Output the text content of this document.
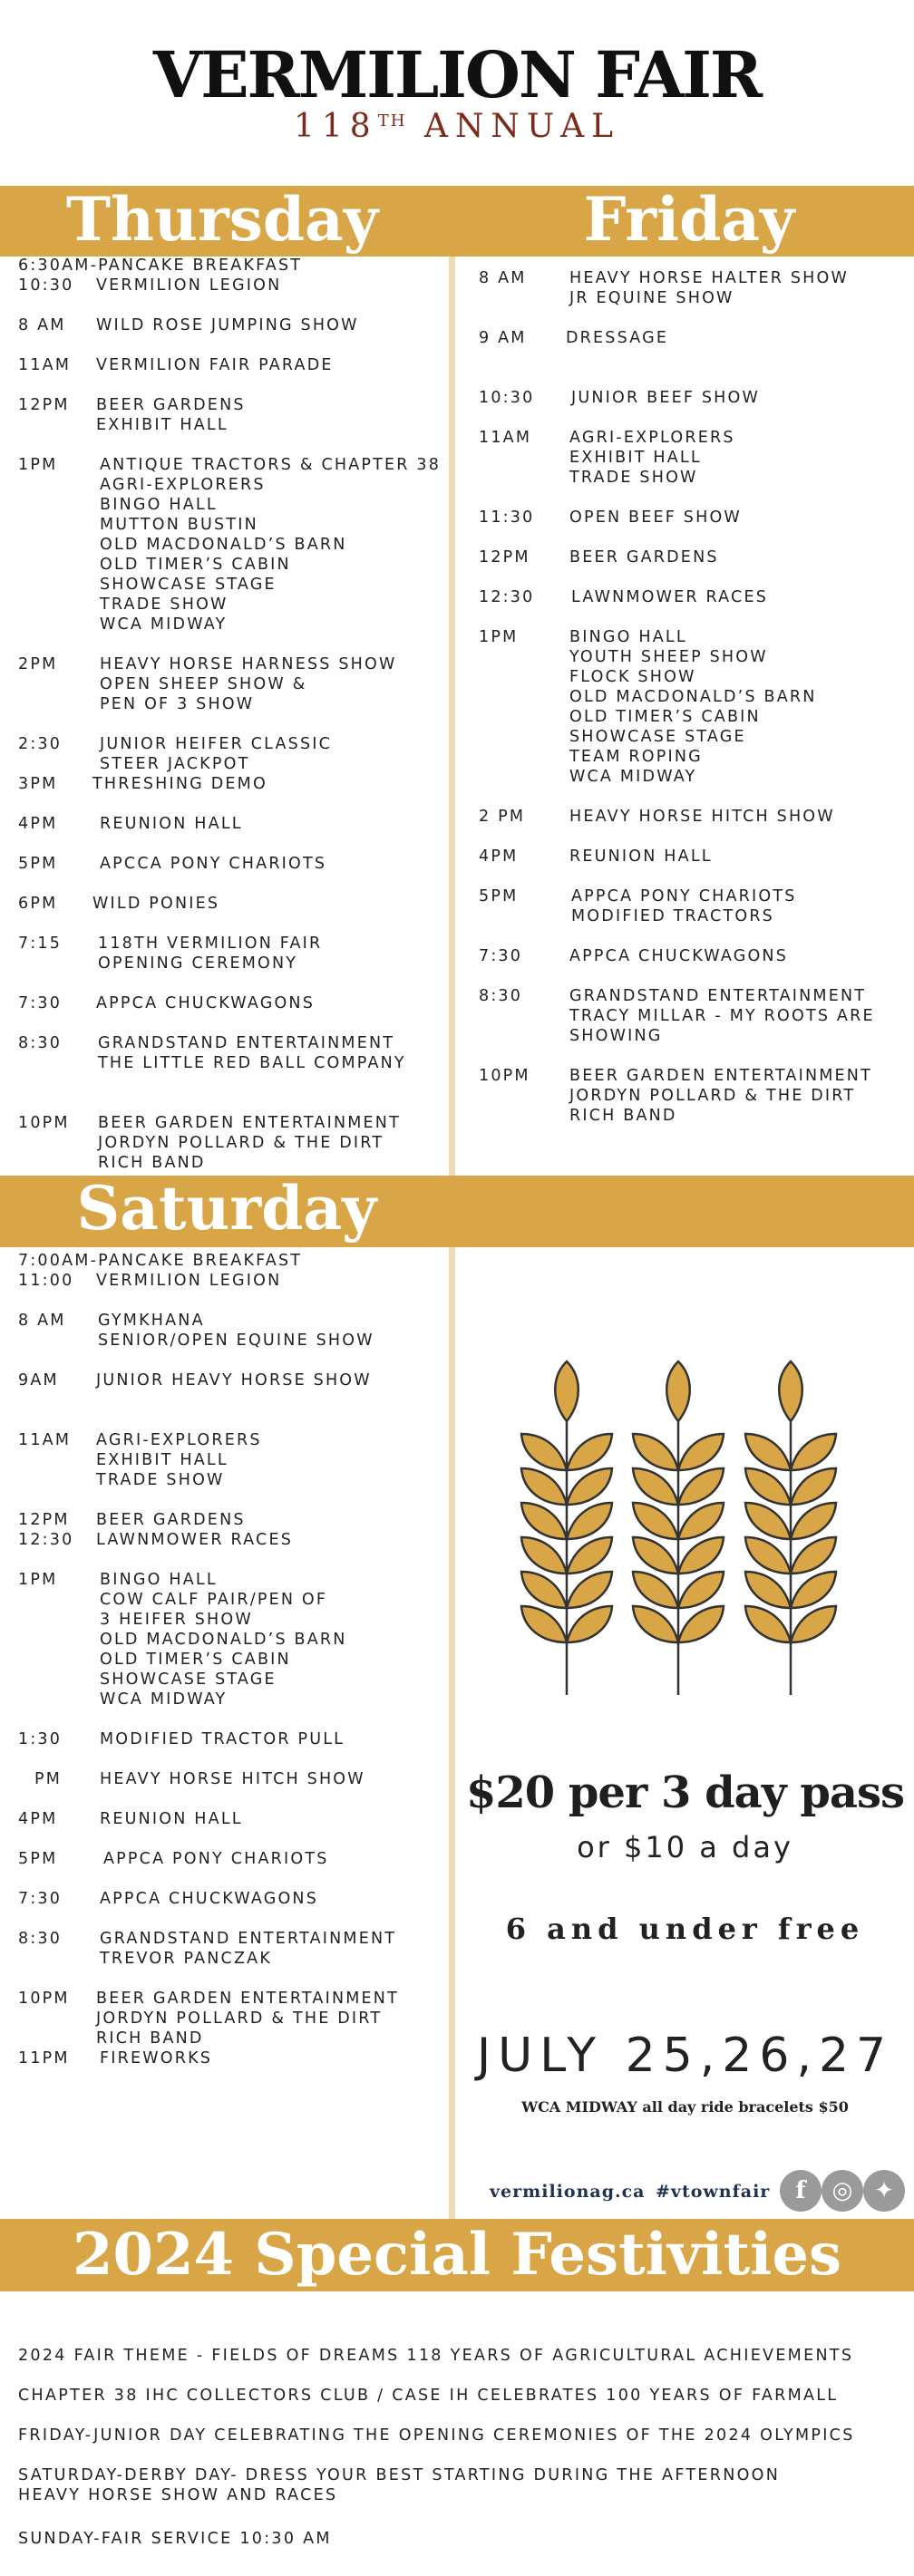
VERMILION FAIR
118TH ANNUAL
Thursday	Friday
Saturday
6:30AM-PANCAKE BREAKFAST
10:30 VERMILION LEGION
8 AM WILD ROSE JUMPING SHOW
11AM VERMILION FAIR PARADE
12PM BEER GARDENS
EXHIBIT HALL
1PM	ANTIQUE TRACTORS & CHAPTER 38
AGRI-EXPLORERS
BINGO HALL
MUTTON BUSTIN
OLD MACDONALD’S BARN
OLD TIMER’S CABIN
SHOWCASE STAGE
TRADE SHOW
WCA MIDWAY
2PM	HEAVY HORSE HARNESS SHOW
OPEN SHEEP SHOW &
PEN OF 3 SHOW
2:30 JUNIOR HEIFER CLASSIC
STEER JACKPOT
3PM THRESHING DEMO
4PM	REUNION HALL
5PM	APCCA PONY CHARIOTS
6PM WILD PONIES
7:15 118TH VERMILION FAIR
OPENING CEREMONY
7:30 APPCA CHUCKWAGONS
8:30 GRANDSTAND ENTERTAINMENT
THE LITTLE RED BALL COMPANY
10PM BEER GARDEN ENTERTAINMENT
JORDYN POLLARD & THE DIRT
RICH BAND
8 AM	HEAVY HORSE HALTER SHOW
JR EQUINE SHOW
9 AM DRESSAGE
10:30 JUNIOR BEEF SHOW
11AM AGRI-EXPLORERS
EXHIBIT HALL
TRADE SHOW
11:30 OPEN BEEF SHOW
12PM BEER GARDENS
12:30 LAWNMOWER RACES
1PM	BINGO HALL
YOUTH SHEEP SHOW
FLOCK SHOW
OLD MACDONALD’S BARN
OLD TIMER’S CABIN
SHOWCASE STAGE
TEAM ROPING
WCA MIDWAY
2 PM	HEAVY HORSE HITCH SHOW
4PM	REUNION HALL
5PM	APPCA PONY CHARIOTS
MODIFIED TRACTORS
7:30	APPCA CHUCKWAGONS
8:30	GRANDSTAND ENTERTAINMENT
TRACY MILLAR - MY ROOTS ARE
SHOWING
10PM BEER GARDEN ENTERTAINMENT
JORDYN POLLARD & THE DIRT
RICH BAND
7:00AM-PANCAKE BREAKFAST
11:00 VERMILION LEGION
8 AM GYMKHANA
SENIOR/OPEN EQUINE SHOW
9AM JUNIOR HEAVY HORSE SHOW
11AM AGRI-EXPLORERS
EXHIBIT HALL
TRADE SHOW
12PM BEER GARDENS
12:30 LAWNMOWER RACES
1PM	BINGO HALL
COW CALF PAIR/PEN OF
3 HEIFER SHOW
OLD MACDONALD’S BARN
OLD TIMER’S CABIN
SHOWCASE STAGE
WCA MIDWAY
1:30 MODIFIED TRACTOR PULL
PM HEAVY HORSE HITCH SHOW
4PM	REUNION HALL
5PM	APPCA PONY CHARIOTS
7:30 APPCA CHUCKWAGONS
8:30 GRANDSTAND ENTERTAINMENT
TREVOR PANCZAK
10PM BEER GARDEN ENTERTAINMENT
JORDYN POLLARD & THE DIRT
RICH BAND
11PM FIREWORKS
$20 per 3 day pass
or $10 a day
6 and under free
JULY 25,26,27
WCA MIDWAY all day ride bracelets $50
vermilionag.ca #vtownfair	f	◎ ✦
2024 Special Festivities
2024 FAIR THEME - FIELDS OF DREAMS 118 YEARS OF AGRICULTURAL ACHIEVEMENTS
CHAPTER 38 IHC COLLECTORS CLUB / CASE IH CELEBRATES 100 YEARS OF FARMALL
FRIDAY-JUNIOR DAY CELEBRATING THE OPENING CEREMONIES OF THE 2024 OLYMPICS
SATURDAY-DERBY DAY- DRESS YOUR BEST STARTING DURING THE AFTERNOON
HEAVY HORSE SHOW AND RACES
SUNDAY-FAIR SERVICE 10:30 AM
